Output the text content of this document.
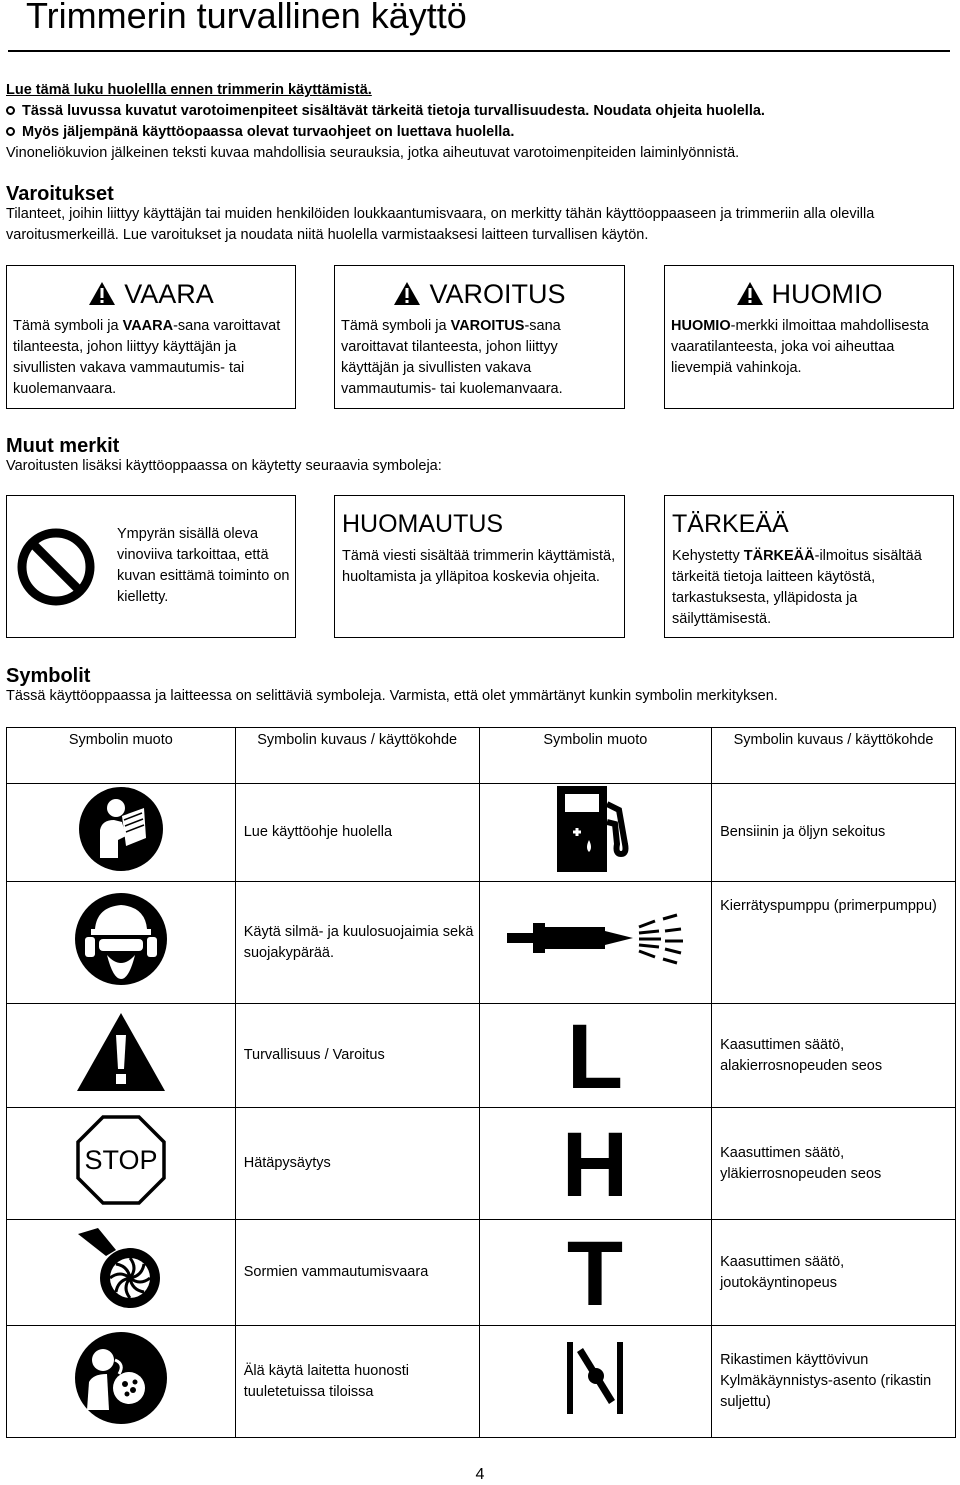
Trimmerin turvallinen käyttö
Lue tämä luku huolellla ennen trimmerin käyttämistä.
Tässä luvussa kuvatut varotoimenpiteet sisältävät tärkeitä tietoja turvallisuudesta. Noudata ohjeita huolella.
Myös jäljempänä käyttöopaassa olevat turvaohjeet on luettava huolella.
Vinoneliökuvion jälkeinen teksti kuvaa mahdollisia seurauksia, jotka aiheutuvat varotoimenpiteiden laiminlyönnistä.
Varoitukset
Tilanteet, joihin liittyy käyttäjän tai muiden henkilöiden loukkaantumisvaara, on merkitty tähän käyttöoppaaseen ja trimmeriin alla olevilla varoitusmerkeillä. Lue varoitukset ja noudata niitä huolella varmistaaksesi laitteen turvallisen käytön.
VAARA
Tämä symboli ja VAARA-sana varoittavat tilanteesta, johon liittyy käyttäjän ja sivullisten vakava vammautumis- tai kuolemanvaara.
VAROITUS
Tämä symboli ja VAROITUS-sana varoittavat tilanteesta, johon liittyy käyttäjän ja sivullisten vakava vammautumis- tai kuolemanvaara.
HUOMIO
HUOMIO-merkki ilmoittaa mahdollisesta vaaratilanteesta, joka voi aiheuttaa lievempiä vahinkoja.
Muut merkit
Varoitusten lisäksi käyttöoppaassa on käytetty seuraavia symboleja:
Ympyrän sisällä oleva vinoviiva tarkoittaa, että kuvan esittämä toiminto on kielletty.
HUOMAUTUS
Tämä viesti sisältää trimmerin käyttämistä, huoltamista ja ylläpitoa koskevia ohjeita.
TÄRKEÄÄ
Kehystetty TÄRKEÄÄ-ilmoitus sisältää tärkeitä tietoja laitteen käytöstä, tarkastuksesta, ylläpidosta ja säilyttämisestä.
Symbolit
Tässä käyttöoppaassa ja laitteessa on selittäviä symboleja. Varmista, että olet ymmärtänyt kunkin symbolin merkityksen.
Symbolin muoto	Symbolin kuvaus / käyttökohde	Symbolin muoto	Symbolin kuvaus / käyttökohde
	Lue käyttöohje huolella		Bensiinin ja öljyn sekoitus
	Käytä silmä- ja kuulosuojaimia sekä suojakypärää.		Kierrätyspumppu (primerpumppu)
	Turvallisuus / Varoitus	L	Kaasuttimen säätö, alakierrosnopeuden seos

STOP	Hätäpysäytys	H	Kaasuttimen säätö, yläkierrosnopeuden seos
	Sormien vammautumisvaara	T	Kaasuttimen säätö, joutokäyntinopeus
	Älä käytä laitetta huonosti tuuletetuissa tiloissa		Rikastimen käyttövivun Kylmäkäynnistys-asento (rikastin suljettu)
4
